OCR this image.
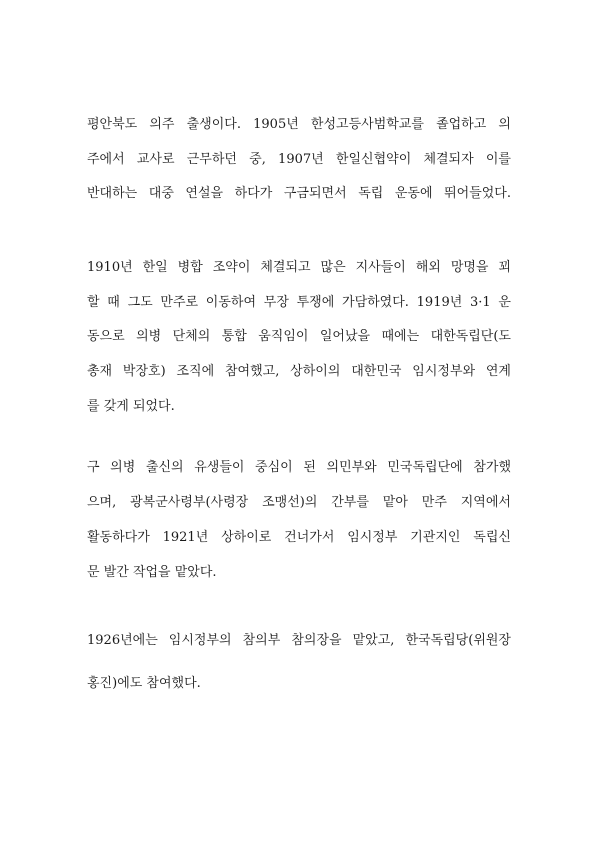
평안북도 의주 출생이다. 1905년 한성고등사범학교를 졸업하고 의
주에서 교사로 근무하던 중, 1907년 한일신협약이 체결되자 이를
반대하는 대중 연설을 하다가 구금되면서 독립 운동에 뛰어들었다.
1910년 한일 병합 조약이 체결되고 많은 지사들이 해외 망명을 꾀
할 때 그도 만주로 이동하여 무장 투쟁에 가담하였다. 1919년 3·1 운
동으로 의병 단체의 통합 움직임이 일어났을 때에는 대한독립단(도
총재 박장호) 조직에 참여했고, 상하이의 대한민국 임시정부와 연계
를 갖게 되었다.
구 의병 출신의 유생들이 중심이 된 의민부와 민국독립단에 참가했
으며, 광복군사령부(사령장 조맹선)의 간부를 맡아 만주 지역에서
활동하다가 1921년 상하이로 건너가서 임시정부 기관지인 독립신
문 발간 작업을 맡았다.
1926년에는 임시정부의 참의부 참의장을 맡았고, 한국독립당(위원장
홍진)에도 참여했다.
